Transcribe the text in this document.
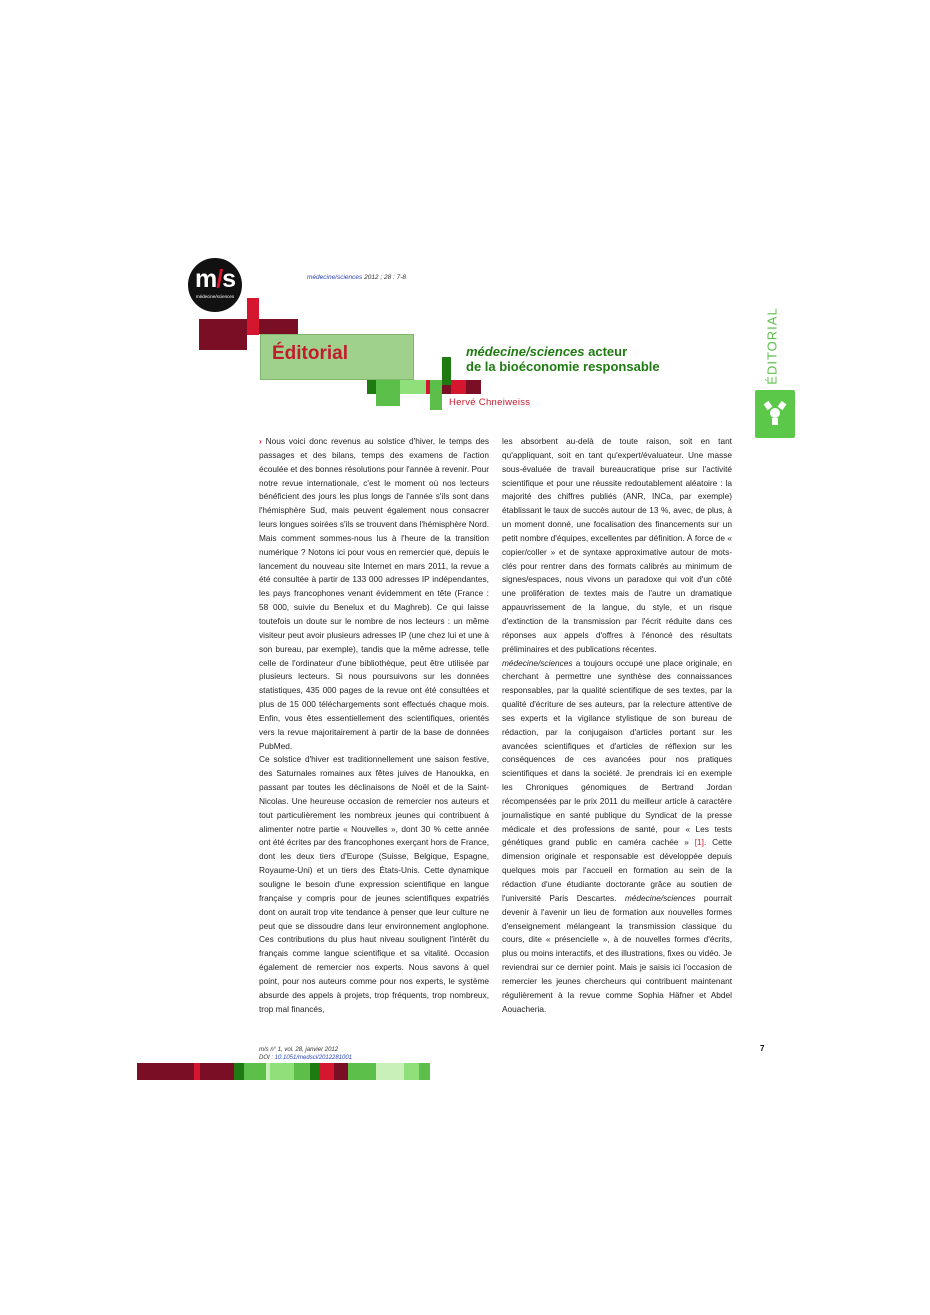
m/s
médecine/sciences
médecine/sciences 2012 ; 28 : 7-8
Éditorial	médecine/sciences acteur
de la bioéconomie responsable
Hervé Chneiweiss
ÉDITORIAL

› Nous voici donc revenus au solstice d'hiver, le temps des passages et des bilans, temps des examens de l'action écoulée et des bonnes résolutions pour l'année à revenir. Pour notre revue internationale, c'est le moment où nos lecteurs bénéficient des jours les plus longs de l'année s'ils sont dans l'hémisphère Sud, mais peuvent également nous consacrer leurs longues soirées s'ils se trouvent dans l'hémisphère Nord. Mais comment sommes-nous lus à l'heure de la transition numérique ? Notons ici pour vous en remercier que, depuis le lancement du nouveau site Internet en mars 2011, la revue a été consultée à partir de 133 000 adresses IP indépendantes, les pays francophones venant évidemment en tête (France : 58 000, suivie du Benelux et du Maghreb). Ce qui laisse toutefois un doute sur le nombre de nos lecteurs : un même visiteur peut avoir plusieurs adresses IP (une chez lui et une à son bureau, par exemple), tandis que la même adresse, telle celle de l'ordinateur d'une bibliothèque, peut être utilisée par plusieurs lecteurs. Si nous poursuivons sur les données statistiques, 435 000 pages de la revue ont été consultées et plus de 15 000 téléchargements sont effectués chaque mois. Enfin, vous êtes essentiellement des scientifiques, orientés vers la revue majoritairement à partir de la base de données PubMed.

Ce solstice d'hiver est traditionnellement une saison festive, des Saturnales romaines aux fêtes juives de Hanoukka, en passant par toutes les déclinaisons de Noël et de la Saint-Nicolas. Une heureuse occasion de remercier nos auteurs et tout particulièrement les nombreux jeunes qui contribuent à alimenter notre partie « Nouvelles », dont 30 % cette année ont été écrites par des francophones exerçant hors de France, dont les deux tiers d'Europe (Suisse, Belgique, Espagne, Royaume-Uni) et un tiers des États-Unis. Cette dynamique souligne le besoin d'une expression scientifique en langue française y compris pour de jeunes scientifiques expatriés dont on aurait trop vite tendance à penser que leur culture ne peut que se dissoudre dans leur environnement anglophone. Ces contributions du plus haut niveau soulignent l'intérêt du français comme langue scientifique et sa vitalité. Occasion également de remercier nos experts. Nous savons à quel point, pour nos auteurs comme pour nos experts, le système absurde des appels à projets, trop fréquents, trop nombreux, trop mal financés,

les absorbent au-delà de toute raison, soit en tant qu'appliquant, soit en tant qu'expert/évaluateur. Une masse sous-évaluée de travail bureaucratique prise sur l'activité scientifique et pour une réussite redoutablement aléatoire : la majorité des chiffres publiés (ANR, INCa, par exemple) établissant le taux de succès autour de 13 %, avec, de plus, à un moment donné, une focalisation des financements sur un petit nombre d'équipes, excellentes par définition. À force de « copier/coller » et de syntaxe approximative autour de mots-clés pour rentrer dans des formats calibrés au minimum de signes/espaces, nous vivons un paradoxe qui voit d'un côté une prolifération de textes mais de l'autre un dramatique appauvrissement de la langue, du style, et un risque d'extinction de la transmission par l'écrit réduite dans ces réponses aux appels d'offres à l'énoncé des résultats préliminaires et des publications récentes.

médecine/sciences a toujours occupé une place originale, en cherchant à permettre une synthèse des connaissances responsables, par la qualité scientifique de ses textes, par la qualité d'écriture de ses auteurs, par la relecture attentive de ses experts et la vigilance stylistique de son bureau de rédaction, par la conjugaison d'articles portant sur les avancées scientifiques et d'articles de réflexion sur les conséquences de ces avancées pour nos pratiques scientifiques et dans la société. Je prendrais ici en exemple les Chroniques génomiques de Bertrand Jordan récompensées par le prix 2011 du meilleur article à caractère journalistique en santé publique du Syndicat de la presse médicale et des professions de santé, pour « Les tests génétiques grand public en caméra cachée » [1]. Cette dimension originale et responsable est développée depuis quelques mois par l'accueil en formation au sein de la rédaction d'une étudiante doctorante grâce au soutien de l'université Paris Descartes. médecine/sciences pourrait devenir à l'avenir un lieu de formation aux nouvelles formes d'enseignement mélangeant la transmission classique du cours, dite « présencielle », à de nouvelles formes d'écrits, plus ou moins interactifs, et des illustrations, fixes ou vidéo. Je reviendrai sur ce dernier point. Mais je saisis ici l'occasion de remercier les jeunes chercheurs qui contribuent maintenant régulièrement à la revue comme Sophia Häfner et Abdel Aouacheria.

m/s n° 1, vol. 28, janvier 2012
DOI : 10.1051/medsci/2012281001
7
